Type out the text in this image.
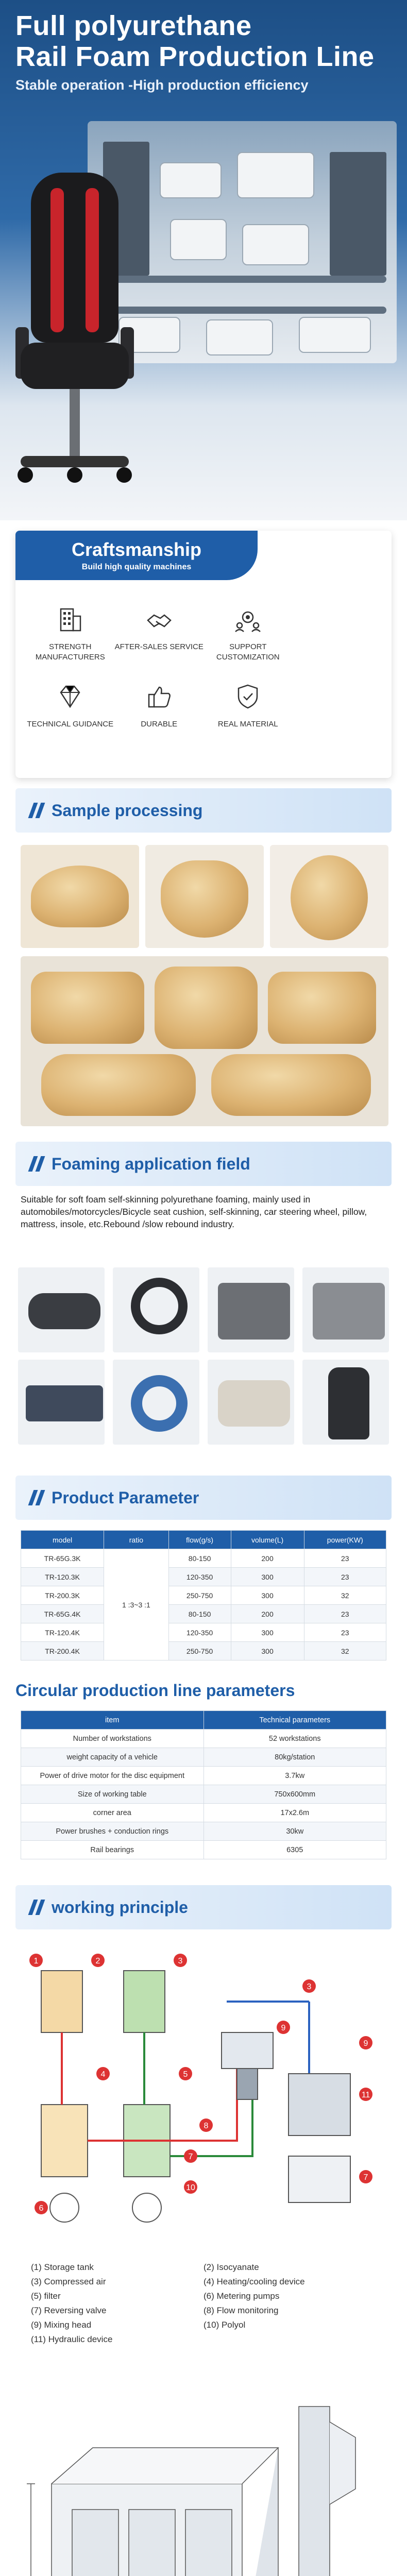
Full polyurethane
Rail Foam Production Line
Stable operation -High production efficiency
Craftsmanship

Build high quality machines

STRENGTH MANUFACTURERS
AFTER-SALES SERVICE	SUPPORT CUSTOMIZATION
TECHNICAL GUIDANCE	DURABLE	REAL MATERIAL
Sample processing
Foaming application field

Suitable for soft foam self-skinning polyurethane foaming, mainly used in automobiles/motorcycles/Bicycle seat cushion, self-skinning, car steering wheel, pillow, mattress, insole, etc.Rebound /slow rebound industry.

Product Parameter
model	ratio	flow(g/s)	volume(L)	power(KW)
TR-65G.3K	1 :3~3 :1	80-150	200	23
TR-120.3K		120-350	300	23
TR-200.3K		250-750	300	32
TR-65G.4K		80-150	200	23
TR-120.4K		120-350	300	23
TR-200.4K		250-750	300	32
Circular production line parameters
item	Technical parameters
Number of workstations	52 workstations
weight capacity of a vehicle	80kg/station
Power of drive motor for the disc equipment	3.7kw
Size of working table	750x600mm
corner area	17x2.6m
Power brushes + conduction rings	30kw
Rail bearings	6305
working principle
1	2	3
4	5
6
7
8
9
10
11
9
7
3
(1) Storage tank	(2) Isocyanate
(3) Compressed air	(4) Heating/cooling device
(5) filter	(6) Metering pumps
(7) Reversing valve	(8) Flow monitoring
(9) Mixing head	(10) Polyol
(11) Hydraulic device
